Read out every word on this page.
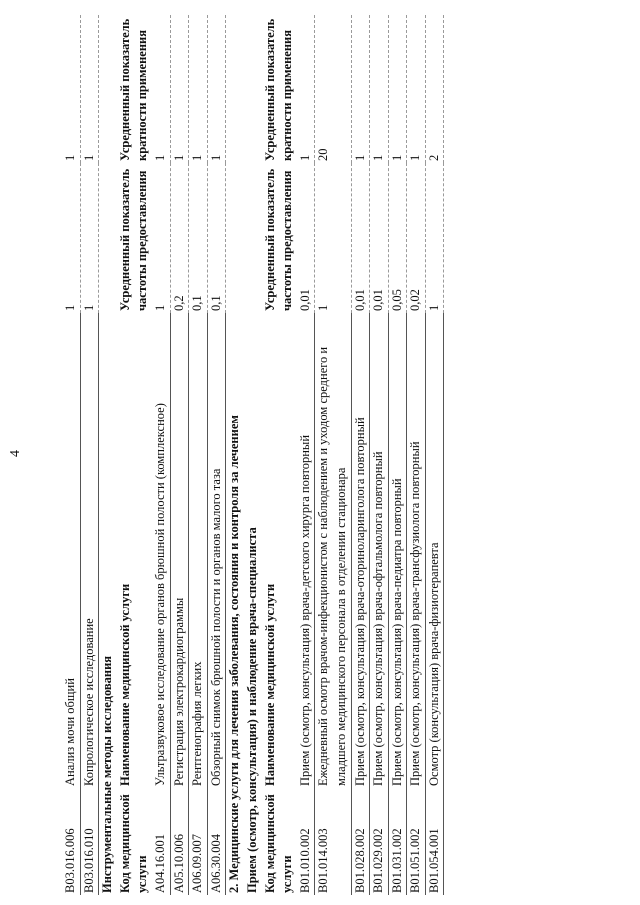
4
B03.016.006	Анализ мочи общий	1	1
B03.016.010	Копрологическое исследование	1	1
Инструментальные методы исследования			
Код медицинской услуги	Наименование медицинской услуги	Усредненный показатель частоты предоставления	Усредненный показатель кратности применения
A04.16.001	Ультразвуковое исследование органов брюшной полости (комплексное)	1	1
A05.10.006	Регистрация электрокардиограммы	0,2	1
A06.09.007	Рентгенография легких	0,1	1
A06.30.004	Обзорный снимок брюшной полости и органов малого таза	0,1	1
2. Медицинские услуги для лечения заболевания, состояния и контроля за лечением			
Прием (осмотр, консультация) и наблюдение врача-специалиста			
Код медицинской услуги	Наименование медицинской услуги	Усредненный показатель частоты предоставления	Усредненный показатель кратности применения
B01.010.002	Прием (осмотр, консультация) врача-детского хирурга повторный	0,01	1
B01.014.003	Ежедневный осмотр врачом-инфекционистом с наблюдением и уходом среднего и младшего медицинского персонала в отделении стационара	1	20
B01.028.002	Прием (осмотр, консультация) врача-оториноларинголога повторный	0,01	1
B01.029.002	Прием (осмотр, консультация) врача-офтальмолога повторный	0,01	1
B01.031.002	Прием (осмотр, консультация) врача-педиатра повторный	0,05	1
B01.051.002	Прием (осмотр, консультация) врача-трансфузиолога повторный	0,02	1
B01.054.001	Осмотр (консультация) врача-физиотерапевта	1	2
